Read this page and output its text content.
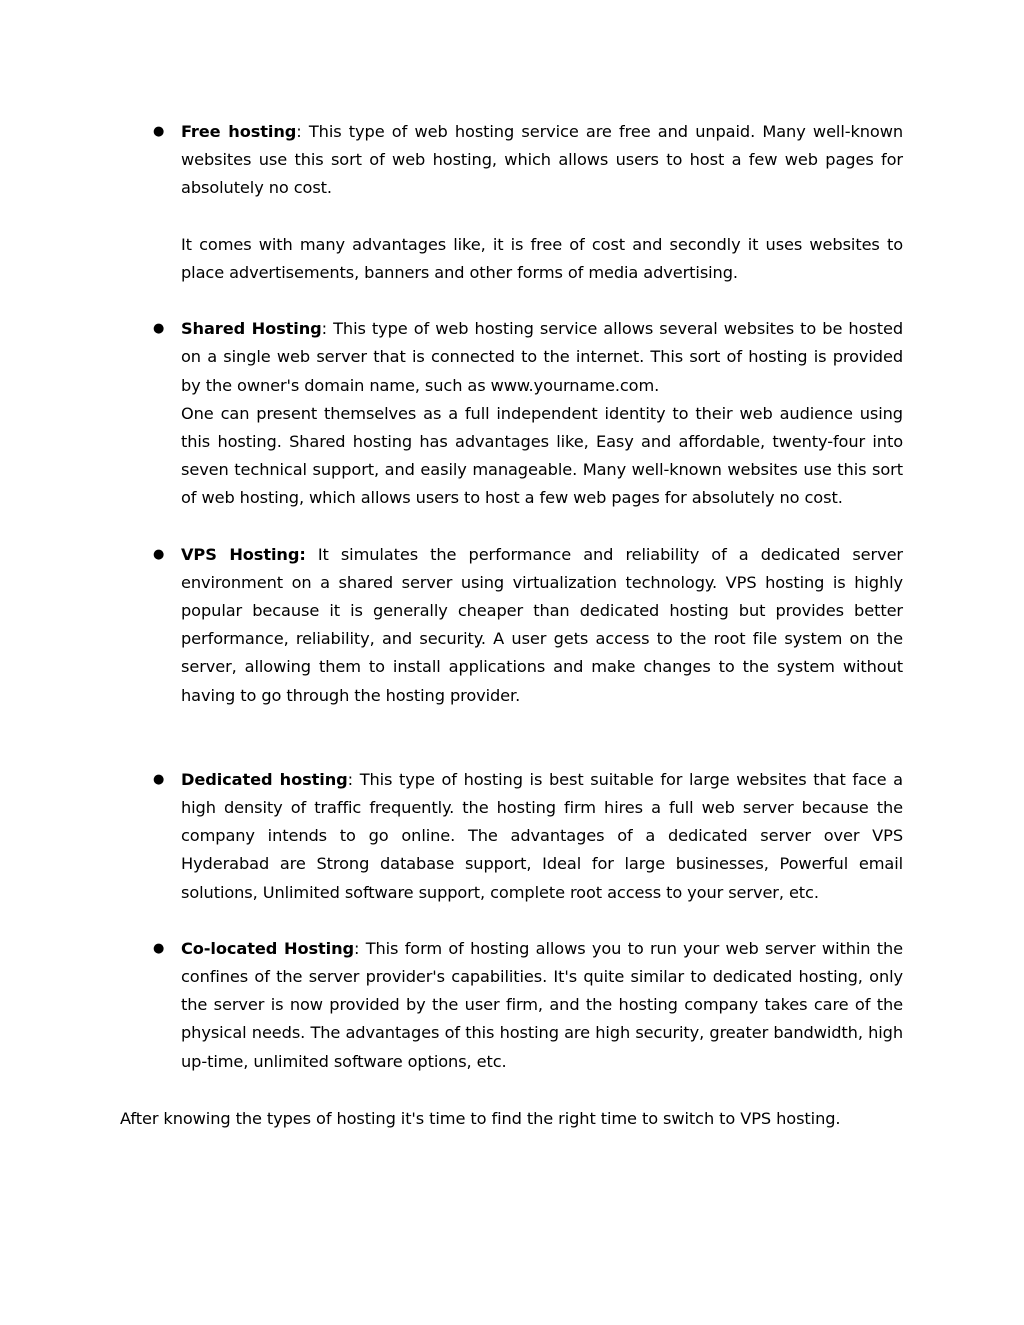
● Free hosting: This type of web hosting service are free and unpaid. Many well-known websites use this sort of web hosting, which allows users to host a few web pages for absolutely no cost.

It comes with many advantages like, it is free of cost and secondly it uses websites to place advertisements, banners and other forms of media advertising.

● Shared Hosting: This type of web hosting service allows several websites to be hosted on a single web server that is connected to the internet. This sort of hosting is provided by the owner's domain name, such as www.yourname.com.

One can present themselves as a full independent identity to their web audience using this hosting. Shared hosting has advantages like, Easy and affordable, twenty-four into seven technical support, and easily manageable. Many well-known websites use this sort of web hosting, which allows users to host a few web pages for absolutely no cost.

● VPS Hosting: It simulates the performance and reliability of a dedicated server environment on a shared server using virtualization technology. VPS hosting is highly popular because it is generally cheaper than dedicated hosting but provides better performance, reliability, and security. A user gets access to the root file system on the server, allowing them to install applications and make changes to the system without having to go through the hosting provider.

● Dedicated hosting: This type of hosting is best suitable for large websites that face a high density of traffic frequently. the hosting firm hires a full web server because the company intends to go online. The advantages of a dedicated server over VPS Hyderabad are Strong database support, Ideal for large businesses, Powerful email solutions, Unlimited software support, complete root access to your server, etc.

● Co-located Hosting: This form of hosting allows you to run your web server within the confines of the server provider's capabilities. It's quite similar to dedicated hosting, only the server is now provided by the user firm, and the hosting company takes care of the physical needs. The advantages of this hosting are high security, greater bandwidth, high up-time, unlimited software options, etc.

After knowing the types of hosting it's time to find the right time to switch to VPS hosting.
